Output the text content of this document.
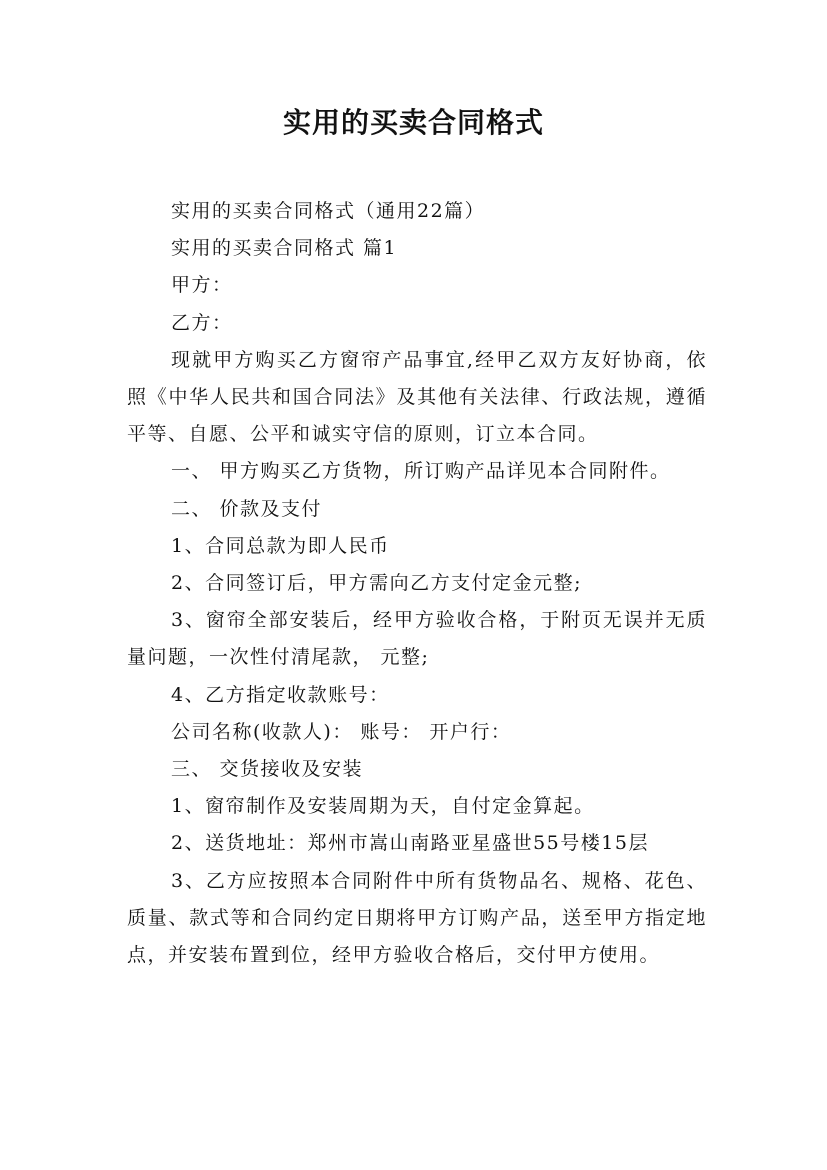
实用的买卖合同格式

实用的买卖合同格式（通用22篇）

实用的买卖合同格式 篇1

甲方：

乙方：

现就甲方购买乙方窗帘产品事宜,经甲乙双方友好协商，依照《中华人民共和国合同法》及其他有关法律、行政法规，遵循平等、自愿、公平和诚实守信的原则，订立本合同。

一、 甲方购买乙方货物，所订购产品详见本合同附件。

二、 价款及支付

1、合同总款为即人民币

2、合同签订后，甲方需向乙方支付定金元整;

3、窗帘全部安装后，经甲方验收合格，于附页无误并无质量问题，一次性付清尾款， 元整;

4、乙方指定收款账号：

公司名称(收款人)： 账号： 开户行：

三、 交货接收及安装

1、窗帘制作及安装周期为天，自付定金算起。

2、送货地址：郑州市嵩山南路亚星盛世55号楼15层

3、乙方应按照本合同附件中所有货物品名、规格、花色、质量、款式等和合同约定日期将甲方订购产品，送至甲方指定地点，并安装布置到位，经甲方验收合格后，交付甲方使用。
